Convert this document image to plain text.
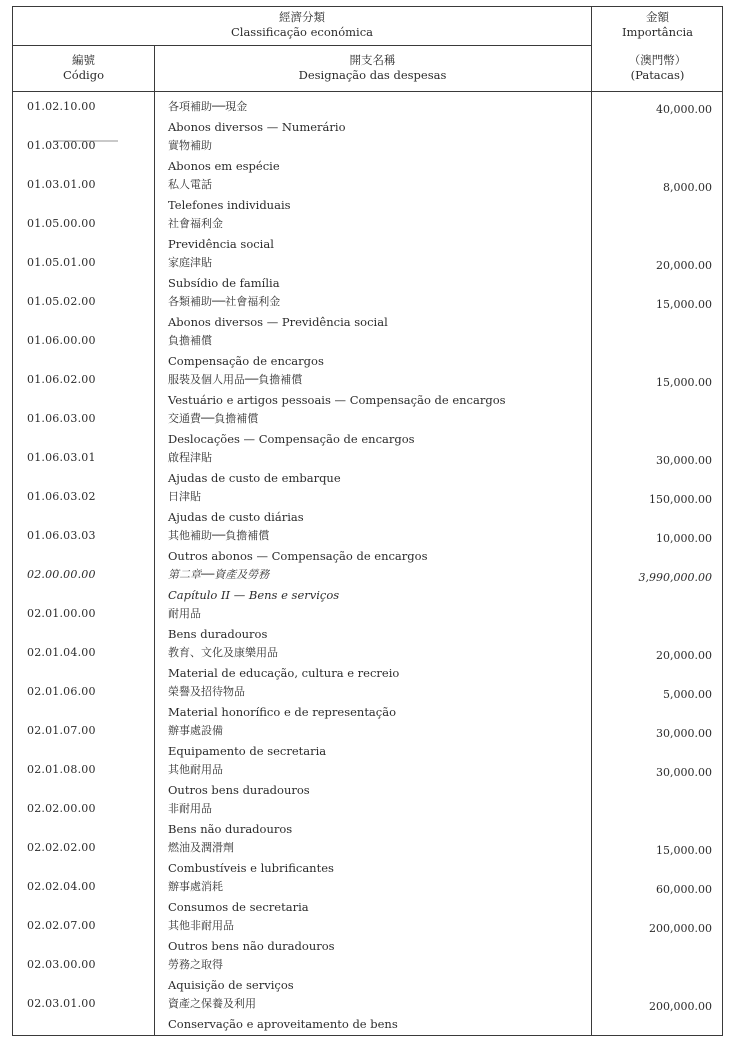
經濟分類
Classificação económica
金額
Importância
編號
Código
開支名稱
Designação das despesas
（澳門幣）
(Patacas)
01.02.10.00	各項補助──現金
Abonos diversos — Numerário
40,000.00
01.03.00.00	實物補助
Abonos em espécie
01.03.01.00	私人電話
Telefones individuais
8,000.00
01.05.00.00	社會福利金
Previdência social
01.05.01.00	家庭津貼
Subsídio de família
20,000.00
01.05.02.00	各類補助──社會福利金
Abonos diversos — Previdência social
15,000.00
01.06.00.00	負擔補償
Compensação de encargos
01.06.02.00	服裝及個人用品──負擔補償
Vestuário e artigos pessoais — Compensação de encargos
15,000.00
01.06.03.00	交通費──負擔補償
Deslocações — Compensação de encargos
01.06.03.01	啟程津貼
Ajudas de custo de embarque
30,000.00
01.06.03.02	日津貼
Ajudas de custo diárias
150,000.00
01.06.03.03	其他補助──負擔補償
Outros abonos — Compensação de encargos
10,000.00
02.00.00.00	第二章──資產及勞務
Capítulo II — Bens e serviços
3,990,000.00
02.01.00.00	耐用品
Bens duradouros
02.01.04.00	教育、文化及康樂用品
Material de educação, cultura e recreio
20,000.00
02.01.06.00	榮譽及招待物品
Material honorífico e de representação
5,000.00
02.01.07.00	辦事處設備
Equipamento de secretaria
30,000.00
02.01.08.00	其他耐用品
Outros bens duradouros
30,000.00
02.02.00.00	非耐用品
Bens não duradouros
02.02.02.00	燃油及潤滑劑
Combustíveis e lubrificantes
15,000.00
02.02.04.00	辦事處消耗
Consumos de secretaria
60,000.00
02.02.07.00	其他非耐用品
Outros bens não duradouros
200,000.00
02.03.00.00	勞務之取得
Aquisição de serviços
02.03.01.00	資產之保養及利用
Conservação e aproveitamento de bens
200,000.00
